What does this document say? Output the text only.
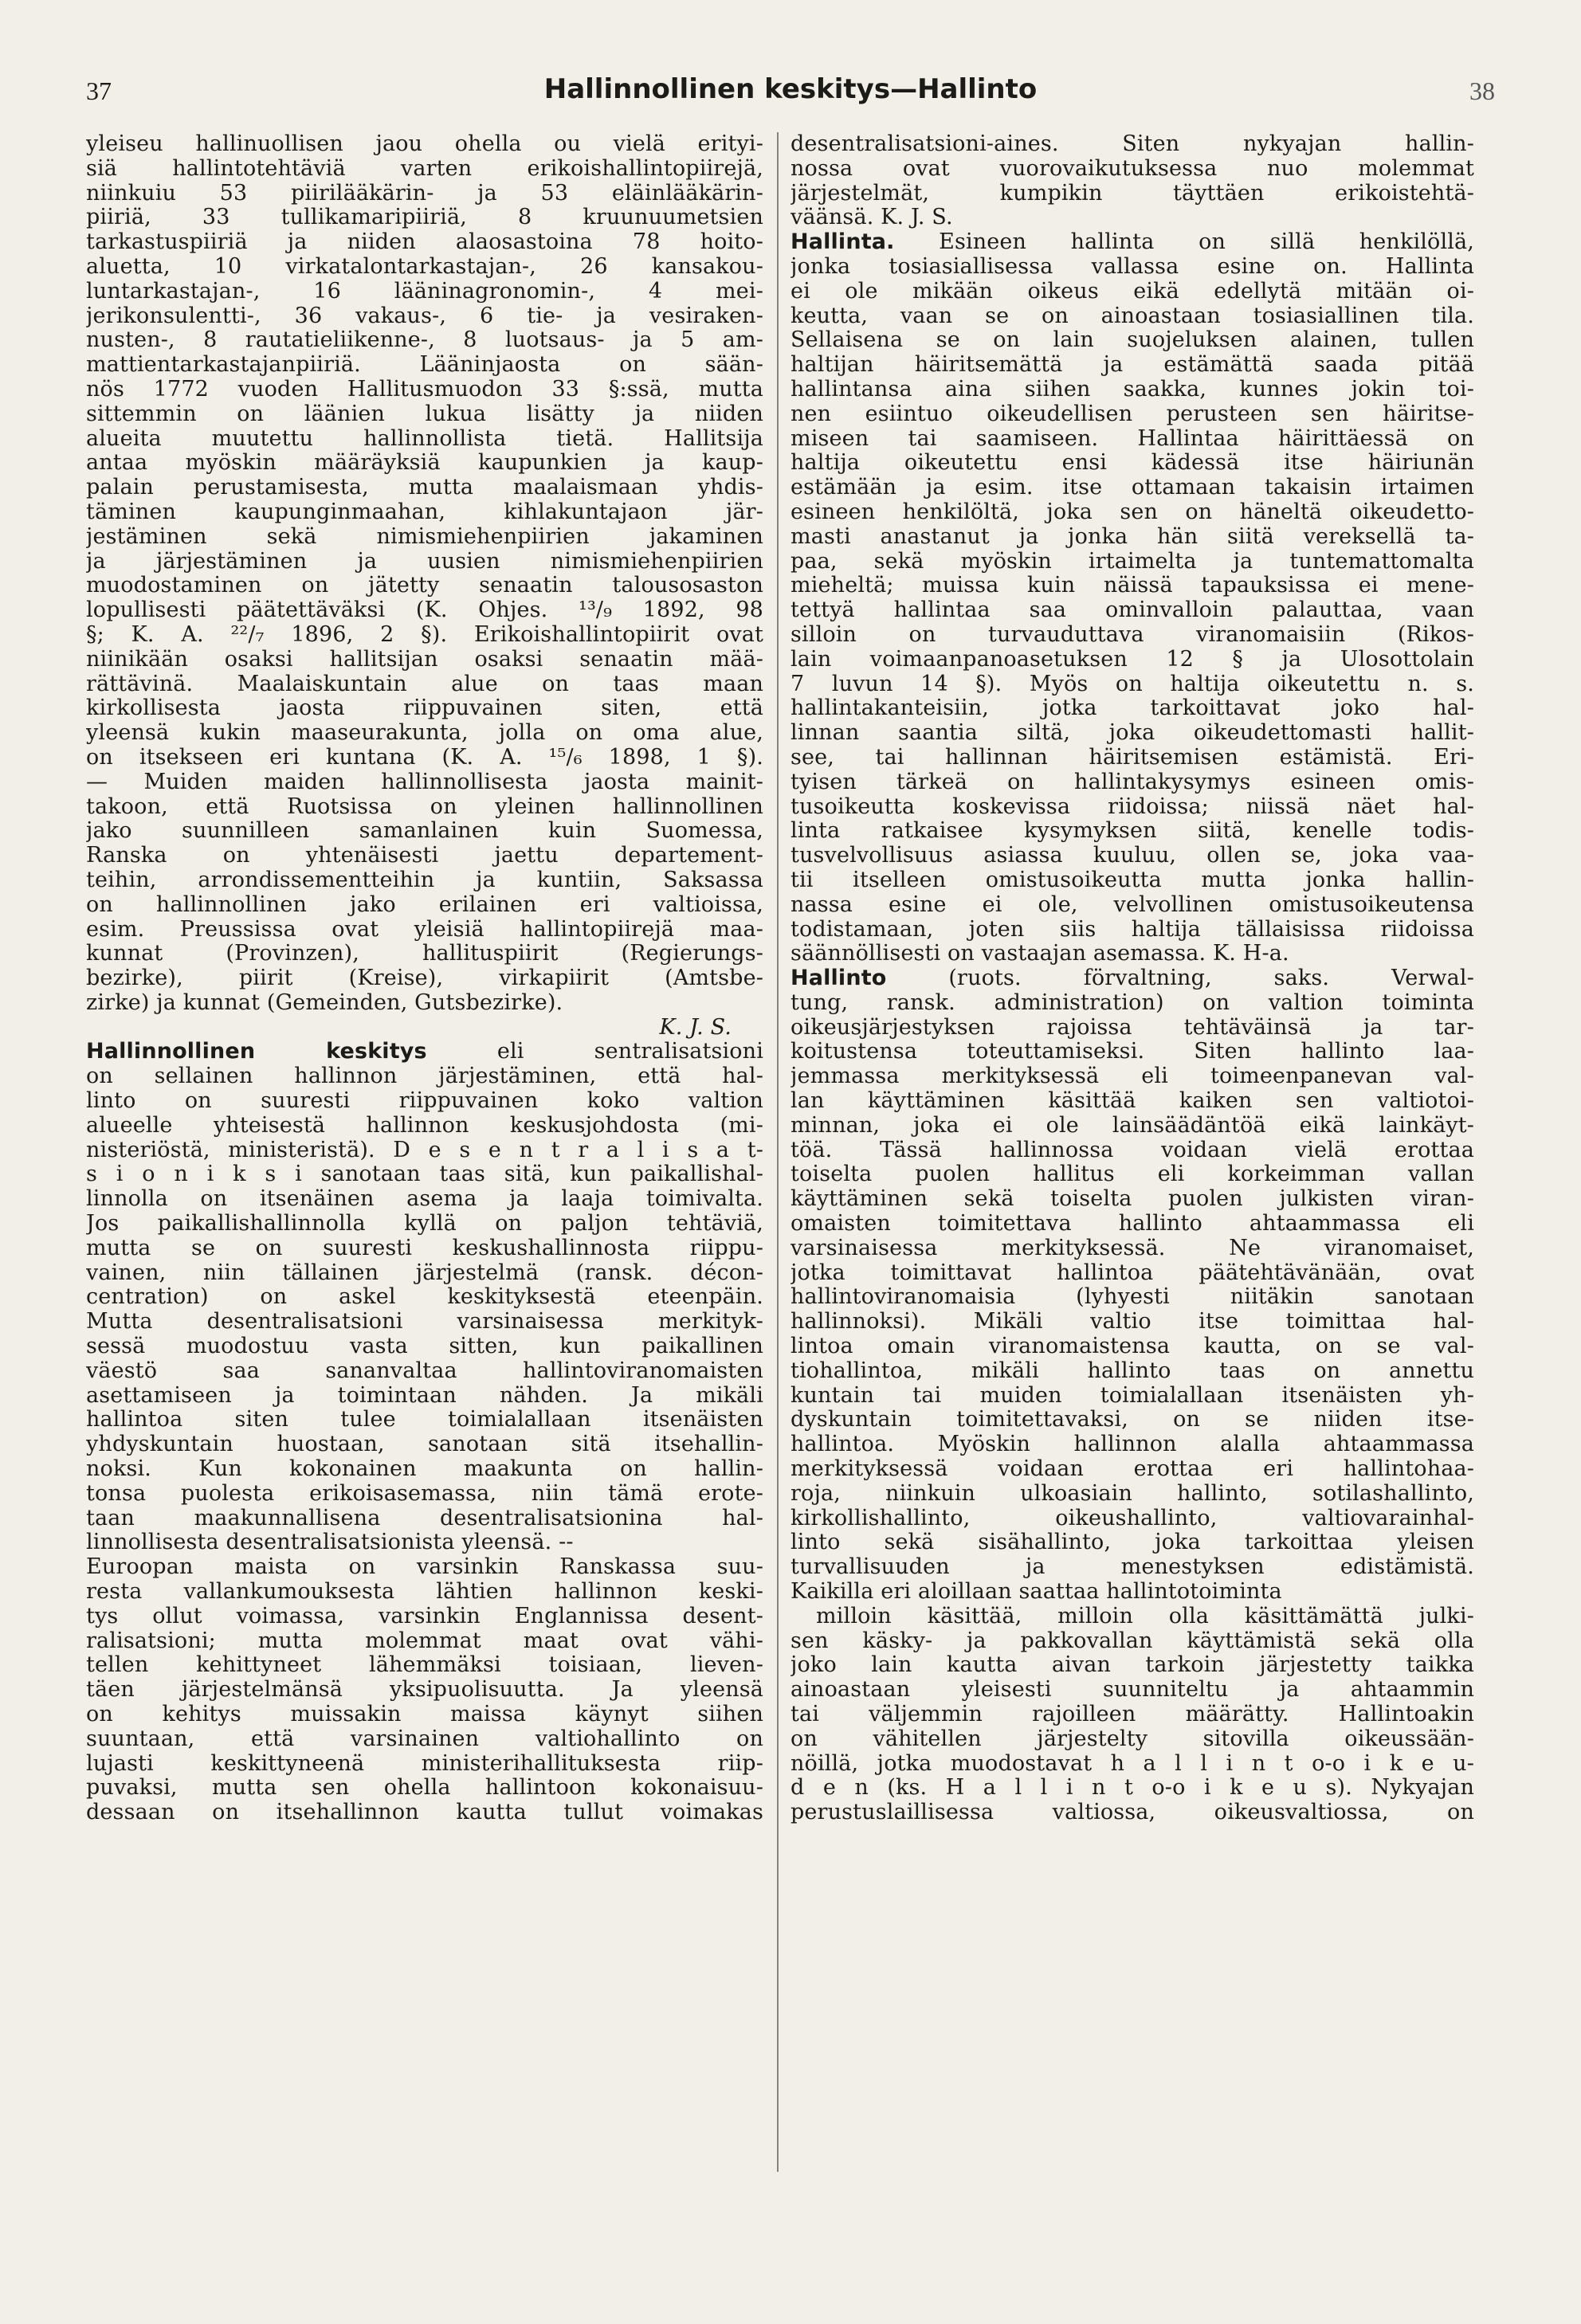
37	Hallinnollinen keskitys—Hallinto	38
yleiseu hallinuollisen jaou ohella ou vielä erityi-
siä hallintotehtäviä varten erikoishallintopiirejä,
niinkuiu 53 piirilääkärin- ja 53 eläinlääkärin-
piiriä, 33 tullikamaripiiriä, 8 kruunuumetsien
tarkastuspiiriä ja niiden alaosastoina 78 hoito-
aluetta, 10 virkatalontarkastajan-, 26 kansakou-
luntarkastajan-, 16 lääninagronomin-, 4 mei-
jerikonsulentti-, 36 vakaus-, 6 tie- ja vesiraken-
nusten-, 8 rautatieliikenne-, 8 luotsaus- ja 5 am-
mattientarkastajanpiiriä. Lääninjaosta on sään-
nös 1772 vuoden Hallitusmuodon 33 §:ssä, mutta
sittemmin on läänien lukua lisätty ja niiden
alueita muutettu hallinnollista tietä. Hallitsija
antaa myöskin määräyksiä kaupunkien ja kaup-
palain perustamisesta, mutta maalaismaan yhdis-
täminen kaupunginmaahan, kihlakuntajaon jär-
jestäminen sekä nimismiehenpiirien jakaminen
ja järjestäminen ja uusien nimismiehenpiirien
muodostaminen on jätetty senaatin talousosaston
lopullisesti päätettäväksi (K. Ohjes. ¹³/₉ 1892, 98
§; K. A. ²²/₇ 1896, 2 §). Erikoishallintopiirit ovat
niinikään osaksi hallitsijan osaksi senaatin mää-
rättävinä. Maalaiskuntain alue on taas maan
kirkollisesta jaosta riippuvainen siten, että
yleensä kukin maaseurakunta, jolla on oma alue,
on itsekseen eri kuntana (K. A. ¹⁵/₆ 1898, 1 §).
— Muiden maiden hallinnollisesta jaosta mainit-
takoon, että Ruotsissa on yleinen hallinnollinen
jako suunnilleen samanlainen kuin Suomessa,
Ranska on yhtenäisesti jaettu departement-
teihin, arrondissementteihin ja kuntiin, Saksassa
on hallinnollinen jako erilainen eri valtioissa,
esim. Preussissa ovat yleisiä hallintopiirejä maa-
kunnat (Provinzen), hallituspiirit (Regierungs-
bezirke), piirit (Kreise), virkapiirit (Amtsbe-
zirke) ja kunnat (Gemeinden, Gutsbezirke).
K. J. S.
Hallinnollinen keskitys eli sentralisatsioni
on sellainen hallinnon järjestäminen, että hal-
linto on suuresti riippuvainen koko valtion
alueelle yhteisestä hallinnon keskusjohdosta (mi-
nisteriöstä, ministeristä). D e s e n t r a l i s a t-
s i o n i k s i sanotaan taas sitä, kun paikallishal-
linnolla on itsenäinen asema ja laaja toimivalta.
Jos paikallishallinnolla kyllä on paljon tehtäviä,
mutta se on suuresti keskushallinnosta riippu-
vainen, niin tällainen järjestelmä (ransk. décon-
centration) on askel keskityksestä eteenpäin.
Mutta desentralisatsioni varsinaisessa merkityk-
sessä muodostuu vasta sitten, kun paikallinen
väestö saa sananvaltaa hallintoviranomaisten
asettamiseen ja toimintaan nähden. Ja mikäli
hallintoa siten tulee toimialallaan itsenäisten
yhdyskuntain huostaan, sanotaan sitä itsehallin-
noksi. Kun kokonainen maakunta on hallin-
tonsa puolesta erikoisasemassa, niin tämä erote-
taan maakunnallisena desentralisatsionina hal-
linnollisesta desentralisatsionista yleensä. --
Euroopan maista on varsinkin Ranskassa suu-
resta vallankumouksesta lähtien hallinnon keski-
tys ollut voimassa, varsinkin Englannissa desent-
ralisatsioni; mutta molemmat maat ovat vähi-
tellen kehittyneet lähemmäksi toisiaan, lieven-
täen järjestelmänsä yksipuolisuutta. Ja yleensä
on kehitys muissakin maissa käynyt siihen
suuntaan, että varsinainen valtiohallinto on
lujasti keskittyneenä ministerihallituksesta riip-
puvaksi, mutta sen ohella hallintoon kokonaisuu-
dessaan on itsehallinnon kautta tullut voimakas
desentralisatsioni-aines. Siten nykyajan hallin-
nossa ovat vuorovaikutuksessa nuo molemmat
järjestelmät, kumpikin täyttäen erikoistehtä-
väänsä. K. J. S.
Hallinta. Esineen hallinta on sillä henkilöllä,
jonka tosiasiallisessa vallassa esine on. Hallinta
ei ole mikään oikeus eikä edellytä mitään oi-
keutta, vaan se on ainoastaan tosiasiallinen tila.
Sellaisena se on lain suojeluksen alainen, tullen
haltijan häiritsemättä ja estämättä saada pitää
hallintansa aina siihen saakka, kunnes jokin toi-
nen esiintuo oikeudellisen perusteen sen häiritse-
miseen tai saamiseen. Hallintaa häirittäessä on
haltija oikeutettu ensi kädessä itse häiriunän
estämään ja esim. itse ottamaan takaisin irtaimen
esineen henkilöltä, joka sen on häneltä oikeudetto-
masti anastanut ja jonka hän siitä vereksellä ta-
paa, sekä myöskin irtaimelta ja tuntemattomalta
mieheltä; muissa kuin näissä tapauksissa ei mene-
tettyä hallintaa saa ominvalloin palauttaa, vaan
silloin on turvauduttava viranomaisiin (Rikos-
lain voimaanpanoasetuksen 12 § ja Ulosottolain
7 luvun 14 §). Myös on haltija oikeutettu n. s.
hallintakanteisiin, jotka tarkoittavat joko hal-
linnan saantia siltä, joka oikeudettomasti hallit-
see, tai hallinnan häiritsemisen estämistä. Eri-
tyisen tärkeä on hallintakysymys esineen omis-
tusoikeutta koskevissa riidoissa; niissä näet hal-
linta ratkaisee kysymyksen siitä, kenelle todis-
tusvelvollisuus asiassa kuuluu, ollen se, joka vaa-
tii itselleen omistusoikeutta mutta jonka hallin-
nassa esine ei ole, velvollinen omistusoikeutensa
todistamaan, joten siis haltija tällaisissa riidoissa
säännöllisesti on vastaajan asemassa. K. H-a.
Hallinto (ruots. förvaltning, saks. Verwal-
tung, ransk. administration) on valtion toiminta
oikeusjärjestyksen rajoissa tehtäväinsä ja tar-
koitustensa toteuttamiseksi. Siten hallinto laa-
jemmassa merkityksessä eli toimeenpanevan val-
lan käyttäminen käsittää kaiken sen valtiotoi-
minnan, joka ei ole lainsäädäntöä eikä lainkäyt-
töä. Tässä hallinnossa voidaan vielä erottaa
toiselta puolen hallitus eli korkeimman vallan
käyttäminen sekä toiselta puolen julkisten viran-
omaisten toimitettava hallinto ahtaammassa eli
varsinaisessa merkityksessä. Ne viranomaiset,
jotka toimittavat hallintoa päätehtävänään, ovat
hallintoviranomaisia (lyhyesti niitäkin sanotaan
hallinnoksi). Mikäli valtio itse toimittaa hal-
lintoa omain viranomaistensa kautta, on se val-
tiohallintoa, mikäli hallinto taas on annettu
kuntain tai muiden toimialallaan itsenäisten yh-
dyskuntain toimitettavaksi, on se niiden itse-
hallintoa. Myöskin hallinnon alalla ahtaammassa
merkityksessä voidaan erottaa eri hallintohaa-
roja, niinkuin ulkoasiain hallinto, sotilashallinto,
kirkollishallinto, oikeushallinto, valtiovarainhal-
linto sekä sisähallinto, joka tarkoittaa yleisen
turvallisuuden ja menestyksen edistämistä.
Kaikilla eri aloillaan saattaa hallintotoiminta
milloin käsittää, milloin olla käsittämättä julki-
sen käsky- ja pakkovallan käyttämistä sekä olla
joko lain kautta aivan tarkoin järjestetty taikka
ainoastaan yleisesti suunniteltu ja ahtaammin
tai väljemmin rajoilleen määrätty. Hallintoakin
on vähitellen järjestelty sitovilla oikeussään-
nöillä, jotka muodostavat h a l l i n t o-o i k e u-
d e n (ks. H a l l i n t o-o i k e u s). Nykyajan
perustuslaillisessa valtiossa, oikeusvaltiossa, on
